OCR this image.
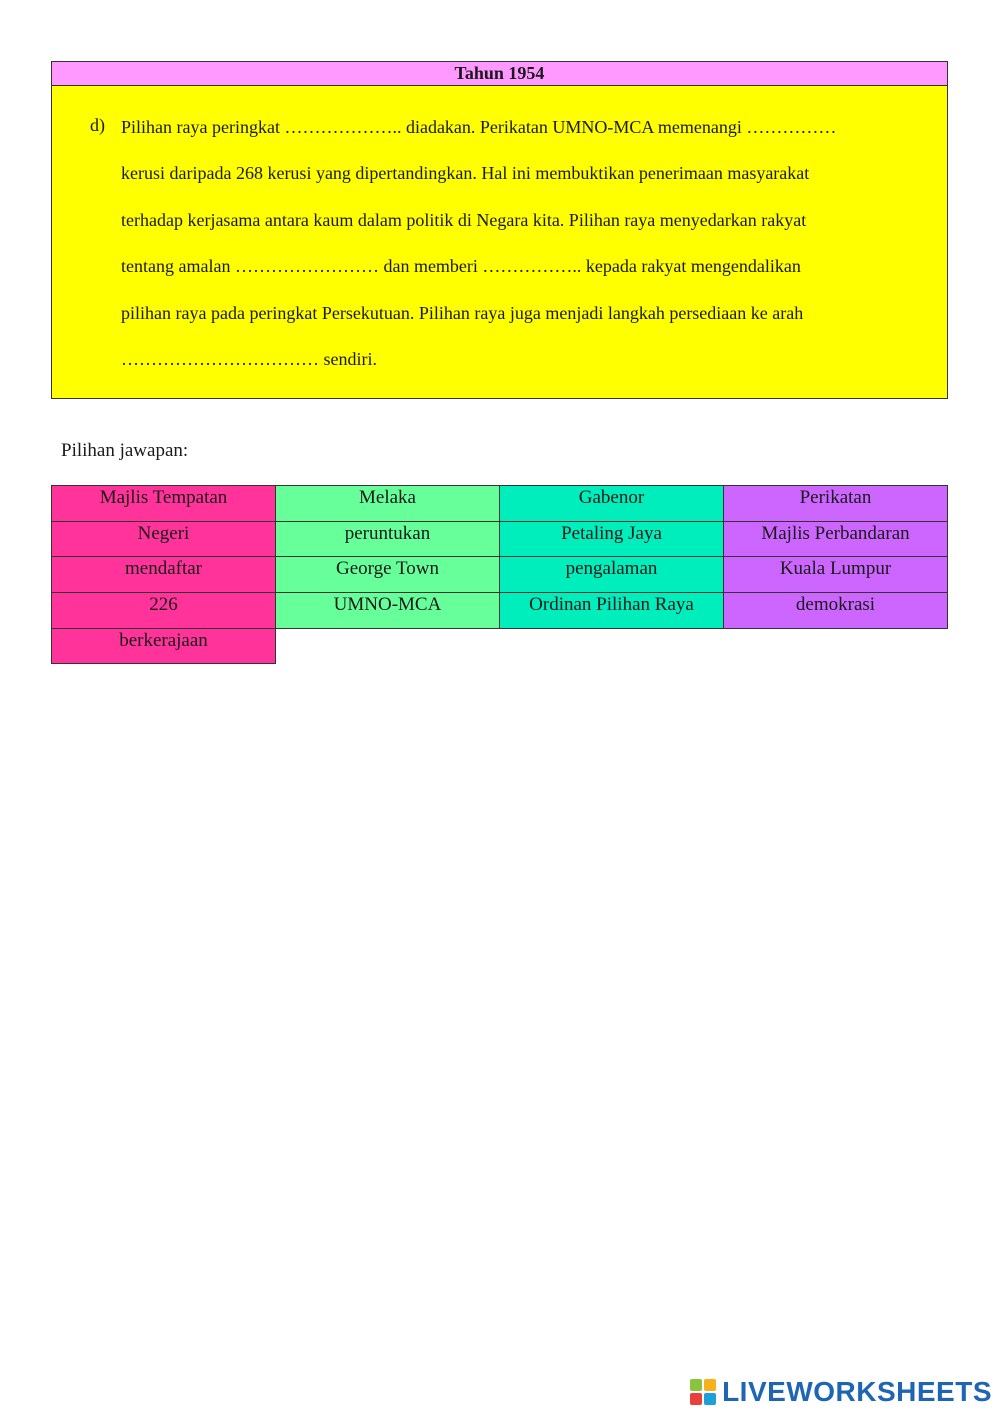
Tahun 1954
d) Pilihan raya peringkat ……………….. diadakan. Perikatan UMNO-MCA memenangi ……………
kerusi daripada 268 kerusi yang dipertandingkan. Hal ini membuktikan penerimaan masyarakat
terhadap kerjasama antara kaum dalam politik di Negara kita. Pilihan raya menyedarkan rakyat
tentang amalan …………………… dan memberi …………….. kepada rakyat mengendalikan
pilihan raya pada peringkat Persekutuan. Pilihan raya juga menjadi langkah persediaan ke arah
…………………………… sendiri.
Pilihan jawapan:
Majlis Tempatan	Melaka	Gabenor	Perikatan
Negeri	peruntukan	Petaling Jaya	Majlis Perbandaran
mendaftar	George Town	pengalaman	Kuala Lumpur
226	UMNO-MCA	Ordinan Pilihan Raya	demokrasi
berkerajaan
LIVEWORKSHEETS
